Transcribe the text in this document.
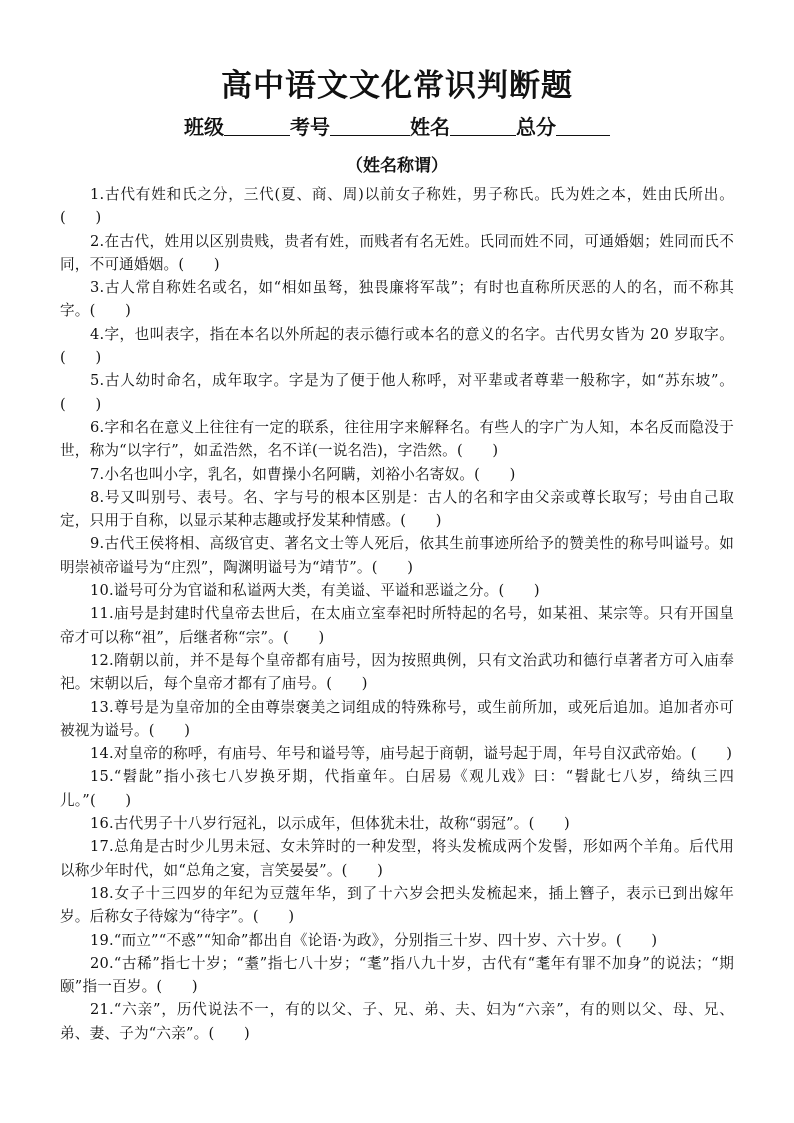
高中语文文化常识判断题
班级	考号	姓名	总分
（姓名称谓）

1.古代有姓和氏之分，三代(夏、商、周)以前女子称姓，男子称氏。氏为姓之本，姓由氏所出。(　　)

2.在古代，姓用以区别贵贱，贵者有姓，而贱者有名无姓。氏同而姓不同，可通婚姻；姓同而氏不同，不可通婚姻。(　　)

3.古人常自称姓名或名，如“相如虽驽，独畏廉将军哉”；有时也直称所厌恶的人的名，而不称其字。(　　)

4.字，也叫表字，指在本名以外所起的表示德行或本名的意义的名字。古代男女皆为 20 岁取字。(　　)

5.古人幼时命名，成年取字。字是为了便于他人称呼，对平辈或者尊辈一般称字，如“苏东坡”。(　　)

6.字和名在意义上往往有一定的联系，往往用字来解释名。有些人的字广为人知，本名反而隐没于世，称为“以字行”，如孟浩然，名不详(一说名浩)，字浩然。(　　)

7.小名也叫小字，乳名，如曹操小名阿瞒，刘裕小名寄奴。(　　)

8.号又叫别号、表号。名、字与号的根本区别是：古人的名和字由父亲或尊长取写；号由自己取定，只用于自称，以显示某种志趣或抒发某种情感。(　　)

9.古代王侯将相、高级官吏、著名文士等人死后，依其生前事迹所给予的赞美性的称号叫谥号。如明崇祯帝谥号为“庄烈”，陶渊明谥号为“靖节”。(　　)

10.谥号可分为官谥和私谥两大类，有美谥、平谥和恶谥之分。(　　)

11.庙号是封建时代皇帝去世后，在太庙立室奉祀时所特起的名号，如某祖、某宗等。只有开国皇帝才可以称“祖”，后继者称“宗”。(　　)

12.隋朝以前，并不是每个皇帝都有庙号，因为按照典例，只有文治武功和德行卓著者方可入庙奉祀。宋朝以后，每个皇帝才都有了庙号。(　　)

13.尊号是为皇帝加的全由尊崇褒美之词组成的特殊称号，或生前所加，或死后追加。追加者亦可被视为谥号。(　　)

14.对皇帝的称呼，有庙号、年号和谥号等，庙号起于商朝，谥号起于周，年号自汉武帝始。(　　)

15.“髫龀”指小孩七八岁换牙期，代指童年。白居易《观儿戏》曰：“髫龀七八岁，绮纨三四儿。”(　　)

16.古代男子十八岁行冠礼，以示成年，但体犹未壮，故称“弱冠”。(　　)

17.总角是古时少儿男未冠、女未笄时的一种发型，将头发梳成两个发髻，形如两个羊角。后代用以称少年时代，如“总角之宴，言笑晏晏”。(　　)

18.女子十三四岁的年纪为豆蔻年华，到了十六岁会把头发梳起来，插上簪子，表示已到出嫁年岁。后称女子待嫁为“待字”。(　　)

19.“而立”“不惑”“知命”都出自《论语·为政》，分别指三十岁、四十岁、六十岁。(　　)

20.“古稀”指七十岁；“耋”指七八十岁；“耄”指八九十岁，古代有“耄年有罪不加身”的说法；“期颐”指一百岁。(　　)

21.“六亲”，历代说法不一，有的以父、子、兄、弟、夫、妇为“六亲”，有的则以父、母、兄、弟、妻、子为“六亲”。(　　)
